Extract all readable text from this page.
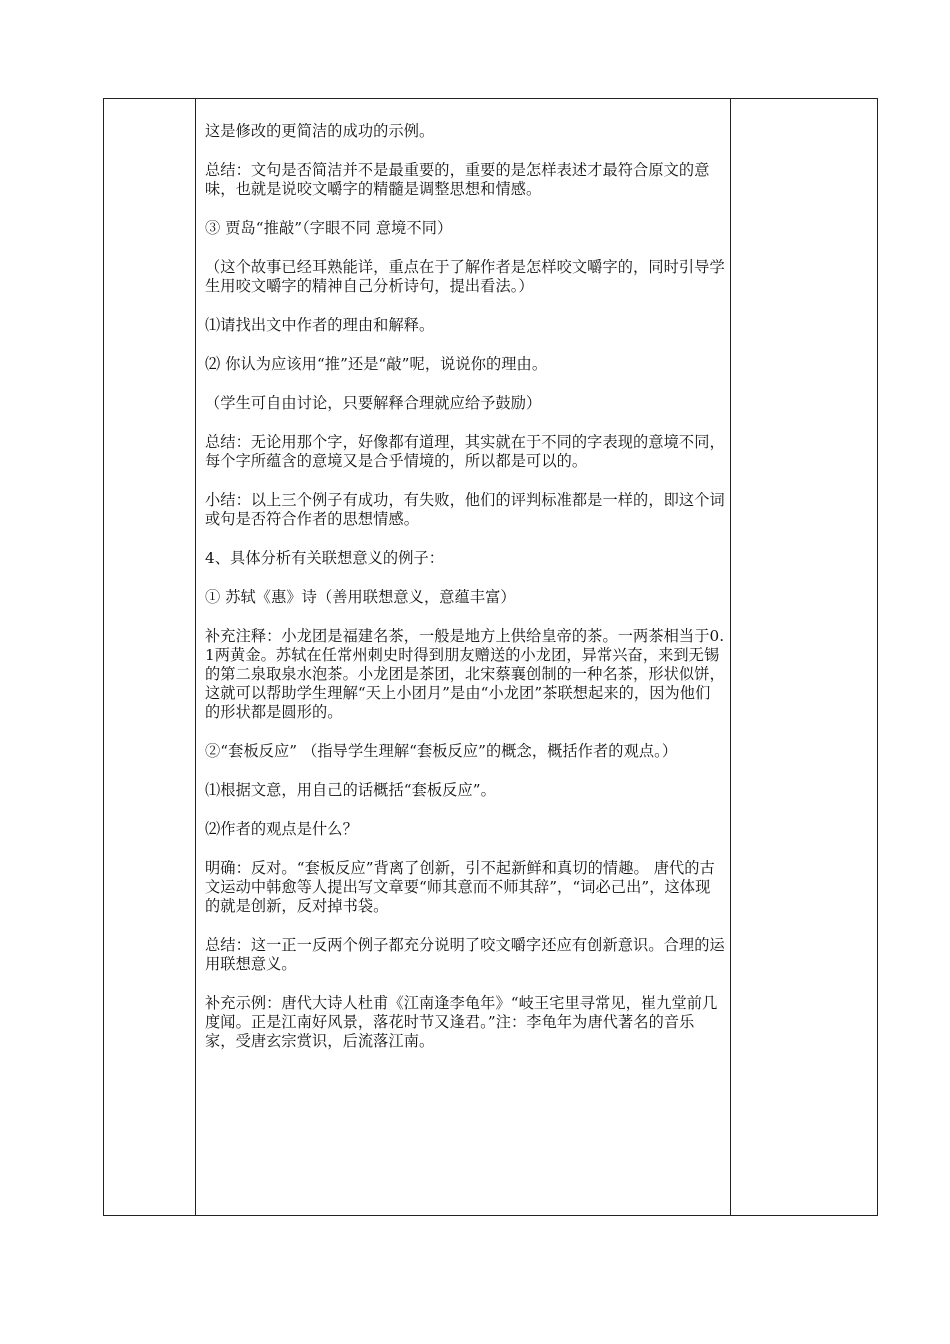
这是修改的更简洁的成功的示例。

总结：文句是否简洁并不是最重要的，重要的是怎样表述才最符合原文的意味，也就是说咬文嚼字的精髓是调整思想和情感。

③ 贾岛“推敲”（字眼不同 意境不同）

（这个故事已经耳熟能详，重点在于了解作者是怎样咬文嚼字的，同时引导学生用咬文嚼字的精神自己分析诗句，提出看法。）

⑴请找出文中作者的理由和解释。

⑵ 你认为应该用“推”还是“敲”呢，说说你的理由。

（学生可自由讨论，只要解释合理就应给予鼓励）

总结：无论用那个字，好像都有道理，其实就在于不同的字表现的意境不同，每个字所蕴含的意境又是合乎情境的，所以都是可以的。

小结：以上三个例子有成功，有失败，他们的评判标准都是一样的，即这个词或句是否符合作者的思想情感。

4、具体分析有关联想意义的例子：

① 苏轼《惠》诗（善用联想意义，意蕴丰富）

补充注释：小龙团是福建名茶，一般是地方上供给皇帝的茶。一两茶相当于0.1两黄金。苏轼在任常州刺史时得到朋友赠送的小龙团，异常兴奋，来到无锡的第二泉取泉水泡茶。小龙团是茶团，北宋蔡襄创制的一种名茶，形状似饼，这就可以帮助学生理解“天上小团月”是由“小龙团”茶联想起来的，因为他们的形状都是圆形的。

②“套板反应” （指导学生理解“套板反应”的概念，概括作者的观点。）

⑴根据文意，用自己的话概括“套板反应”。

⑵作者的观点是什么？

明确：反对。“套板反应”背离了创新，引不起新鲜和真切的情趣。 唐代的古文运动中韩愈等人提出写文章要“师其意而不师其辞”，“词必己出”，这体现的就是创新，反对掉书袋。

总结：这一正一反两个例子都充分说明了咬文嚼字还应有创新意识。合理的运用联想意义。

补充示例：唐代大诗人杜甫《江南逢李龟年》“岐王宅里寻常见，崔九堂前几度闻。正是江南好风景，落花时节又逢君。”注：李龟年为唐代著名的音乐家，受唐玄宗赏识，后流落江南。
